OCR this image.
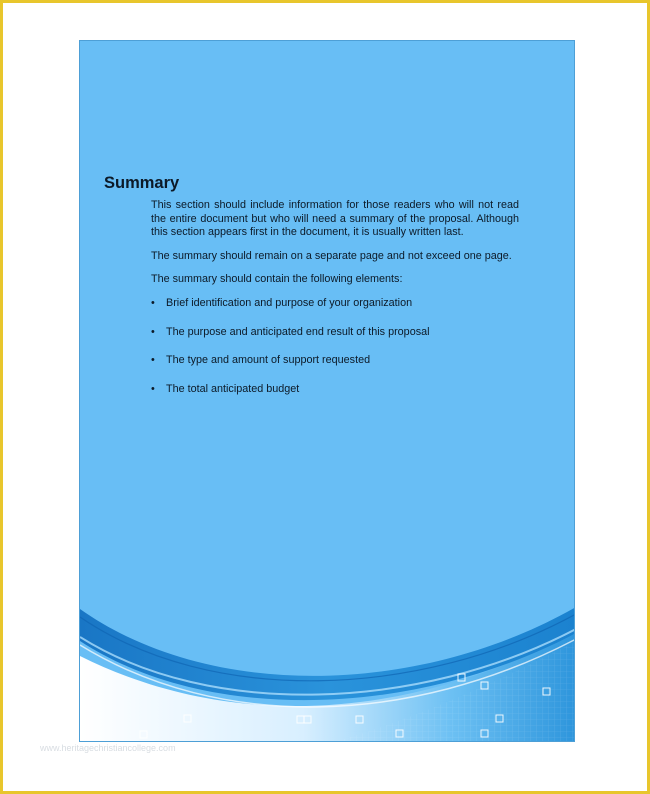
Summary

This section should include information for those readers who will not read the entire document but who will need a summary of the proposal. Although this section appears first in the document, it is usually written last.

The summary should remain on a separate page and not exceed one page.

The summary should contain the following elements:

• Brief identification and purpose of your organization
• The purpose and anticipated end result of this proposal
• The type and amount of support requested
• The total anticipated budget
www.heritagechristiancollege.com
